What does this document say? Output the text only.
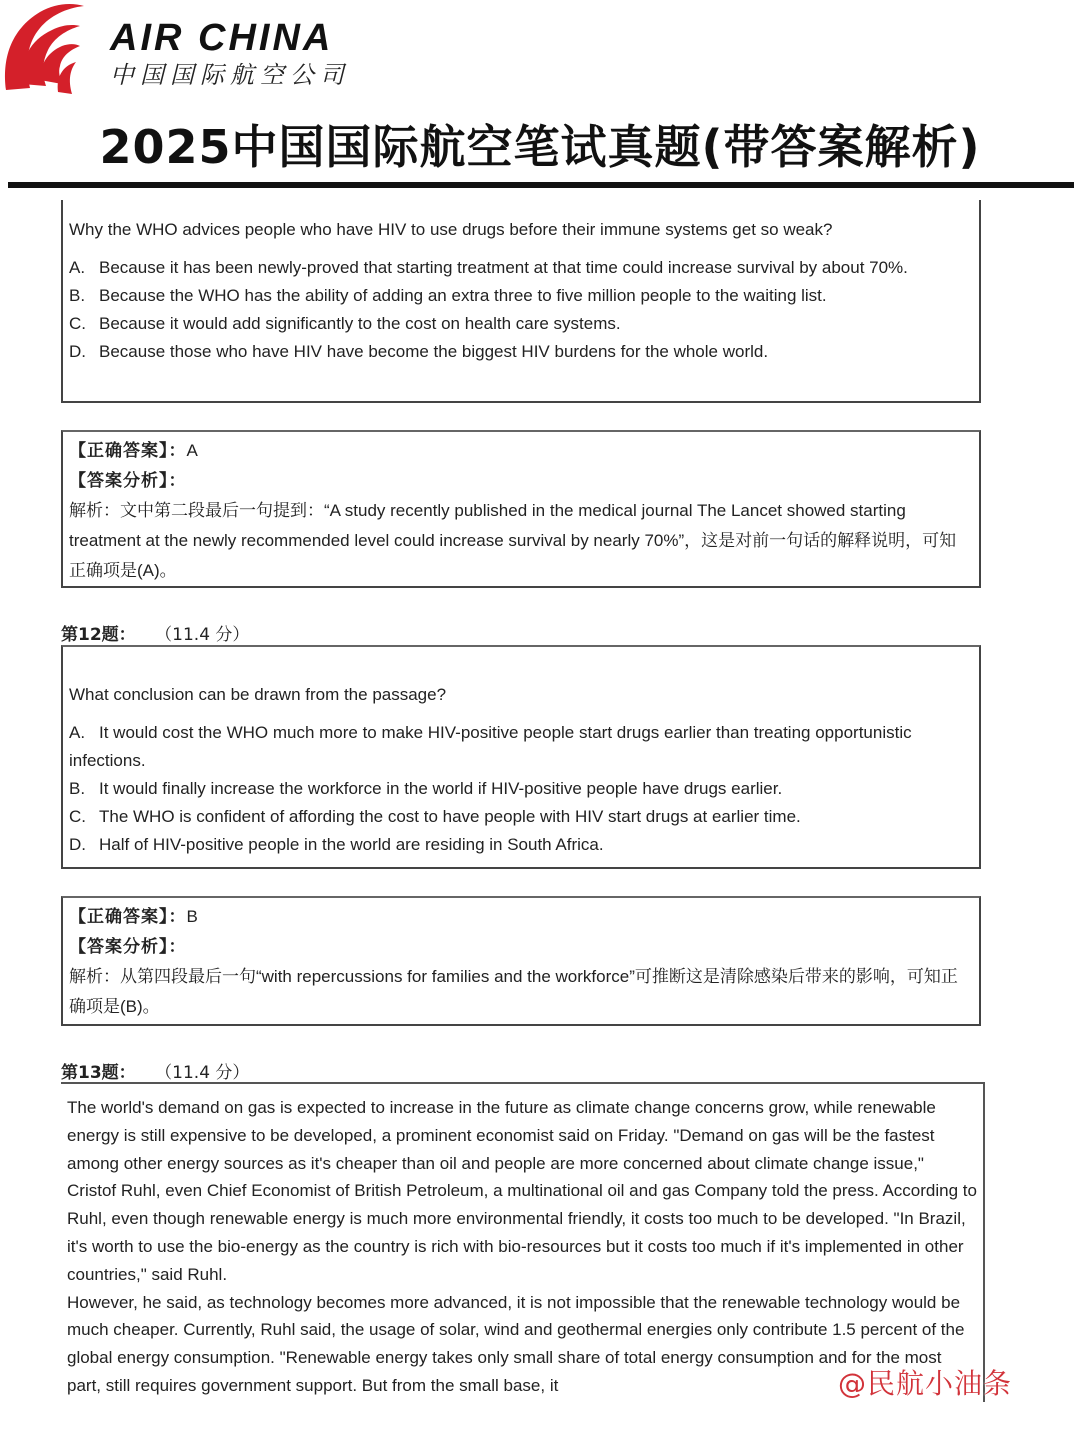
AIR CHINA
中国国际航空公司
2025中国国际航空笔试真题(带答案解析)

Why the WHO advices people who have HIV to use drugs before their immune systems get so weak?

A. Because it has been newly-proved that starting treatment at that time could increase survival by about 70%.

B. Because the WHO has the ability of adding an extra three to five million people to the waiting list.

C. Because it would add significantly to the cost on health care systems.

D. Because those who have HIV have become the biggest HIV burdens for the whole world.

【正确答案】：A

【答案分析】：

解析：文中第二段最后一句提到：“A study recently published in the medical journal The Lancet showed starting treatment at the newly recommended level could increase survival by nearly 70%”，这是对前一句话的解释说明，可知正确项是(A)。

第12题： （11.4 分）

What conclusion can be drawn from the passage?

A. It would cost the WHO much more to make HIV-positive people start drugs earlier than treating opportunistic infections.

B. It would finally increase the workforce in the world if HIV-positive people have drugs earlier.

C. The WHO is confident of affording the cost to have people with HIV start drugs at earlier time.

D. Half of HIV-positive people in the world are residing in South Africa.

【正确答案】：B

【答案分析】：

解析：从第四段最后一句“with repercussions for families and the workforce”可推断这是清除感染后带来的影响，可知正确项是(B)。

第13题： （11.4 分）

The world's demand on gas is expected to increase in the future as climate change concerns grow, while renewable energy is still expensive to be developed, a prominent economist said on Friday. "Demand on gas will be the fastest among other energy sources as it's cheaper than oil and people are more concerned about climate change issue," Cristof Ruhl, even Chief Economist of British Petroleum, a multinational oil and gas Company told the press. According to Ruhl, even though renewable energy is much more environmental friendly, it costs too much to be developed. "In Brazil, it's worth to use the bio-energy as the country is rich with bio-resources but it costs too much if it's implemented in other countries," said Ruhl.

However, he said, as technology becomes more advanced, it is not impossible that the renewable technology would be much cheaper. Currently, Ruhl said, the usage of solar, wind and geothermal energies only contribute 1.5 percent of the global energy consumption. "Renewable energy takes only small share of total energy consumption and for the most part, still requires government support. But from the small base, it	@民航小油条
